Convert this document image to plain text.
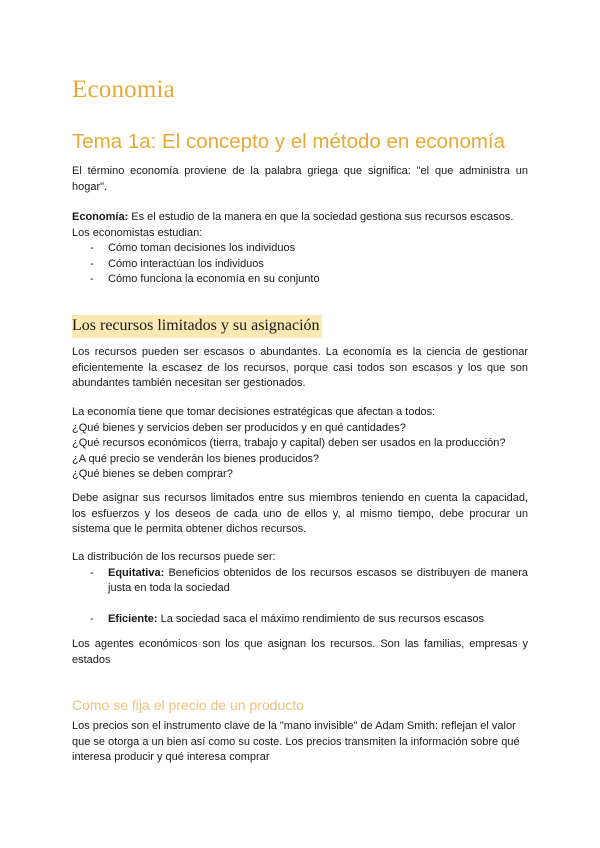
Economia
Tema 1a: El concepto y el método en economía

El término economía proviene de la palabra griega que significa: "el que administra un hogar".

Economía: Es el estudio de la manera en que la sociedad gestiona sus recursos escasos.

Los economistas estudian:

- Cómo toman decisiones los individuos
- Cómo interactúan los individuos
- Cómo funciona la economía en su conjunto
Los recursos limitados y su asignación

Los recursos pueden ser escasos o abundantes. La economía es la ciencia de gestionar eficientemente la escasez de los recursos, porque casi todos son escasos y los que son abundantes también necesitan ser gestionados.

La economía tiene que tomar decisiones estratégicas que afectan a todos:

¿Qué bienes y servicios deben ser producidos y en qué cantidades?

¿Qué recursos económicos (tierra, trabajo y capital) deben ser usados en la producción?

¿A qué precio se venderán los bienes producidos?

¿Qué bienes se deben comprar?

Debe asignar sus recursos limitados entre sus miembros teniendo en cuenta la capacidad, los esfuerzos y los deseos de cada uno de ellos y, al mismo tiempo, debe procurar un sistema que le permita obtener dichos recursos.

La distribución de los recursos puede ser:

- Equitativa: Beneficios obtenidos de los recursos escasos se distribuyen de manera justa en toda la sociedad
- Eficiente: La sociedad saca el máximo rendimiento de sus recursos escasos

Los agentes económicos son los que asignan los recursos. Son las familias, empresas y estados

Como se fija el precio de un producto

Los precios son el instrumento clave de la "mano invisible" de Adam Smith: reflejan el valor que se otorga a un bien así como su coste. Los precios transmiten la información sobre qué interesa producir y qué interesa comprar
